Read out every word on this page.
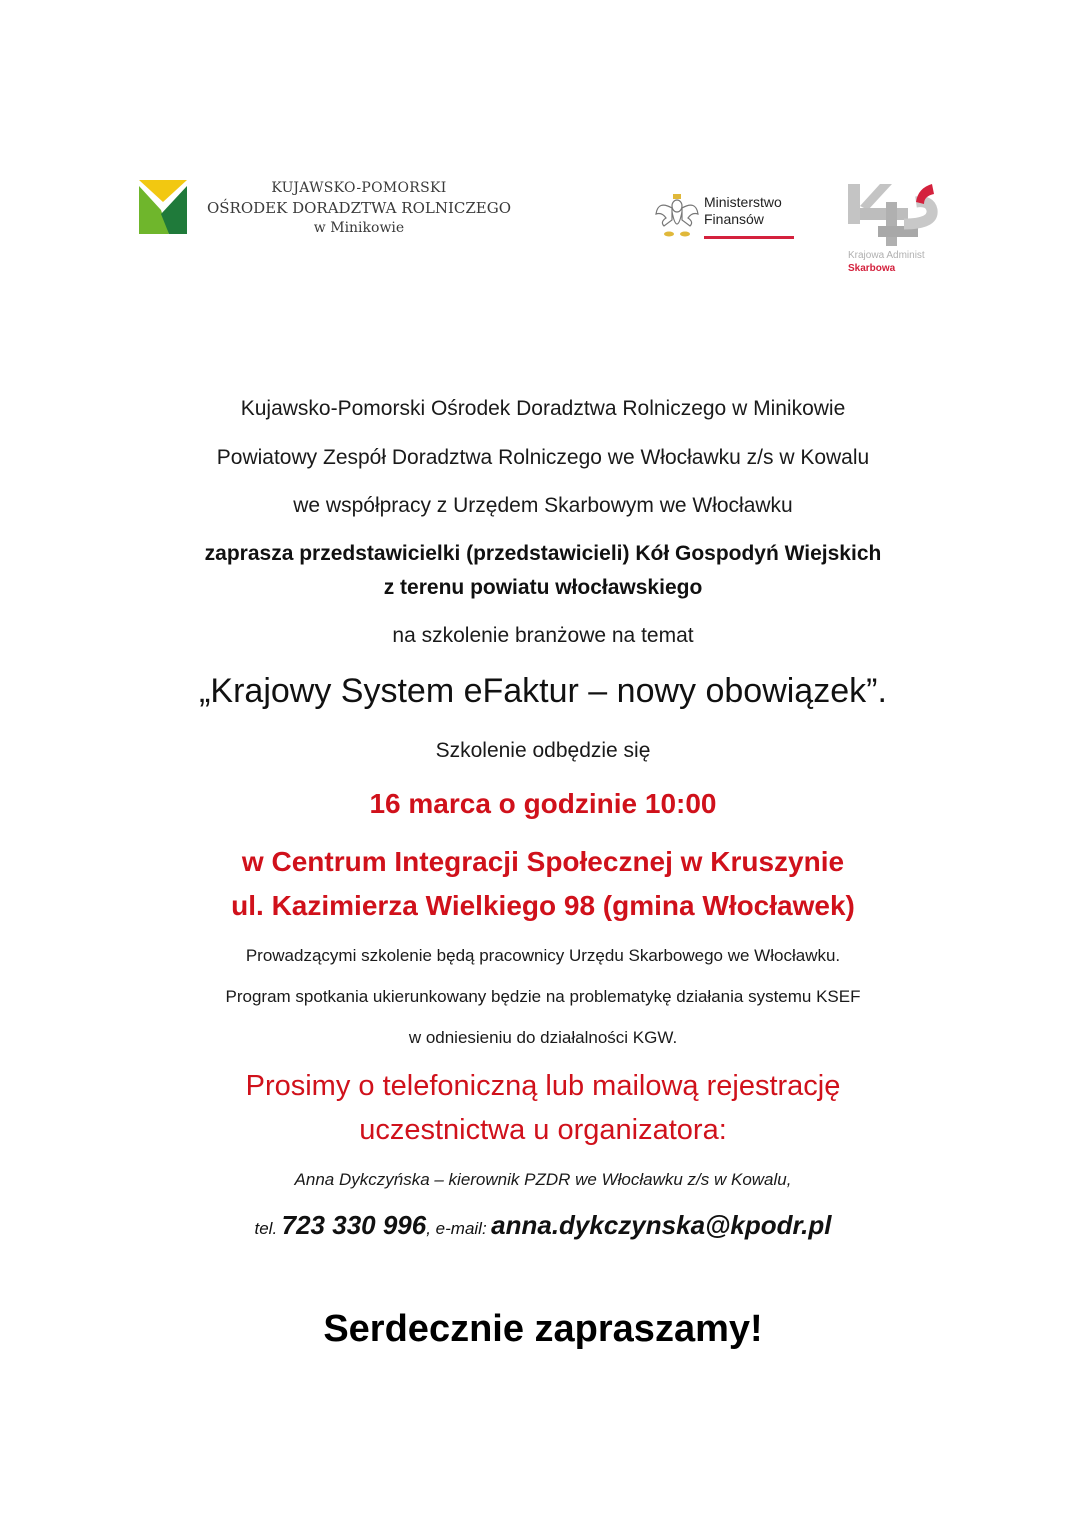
KUJAWSKO-POMORSKI
OŚRODEK DORADZTWA ROLNICZEGO
w Minikowie
Ministerstwo
Finansów
Krajowa Administ
Skarbowa
Kujawsko-Pomorski Ośrodek Doradztwa Rolniczego w Minikowie
Powiatowy Zespół Doradztwa Rolniczego we Włocławku z/s w Kowalu
we współpracy z Urzędem Skarbowym we Włocławku
zaprasza przedstawicielki (przedstawicieli) Kół Gospodyń Wiejskich
z terenu powiatu włocławskiego
na szkolenie branżowe na temat
„Krajowy System eFaktur – nowy obowiązek”.
Szkolenie odbędzie się
16 marca o godzinie 10:00
w Centrum Integracji Społecznej w Kruszynie
ul. Kazimierza Wielkiego 98 (gmina Włocławek)
Prowadzącymi szkolenie będą pracownicy Urzędu Skarbowego we Włocławku.
Program spotkania ukierunkowany będzie na problematykę działania systemu KSEF
w odniesieniu do działalności KGW.
Prosimy o telefoniczną lub mailową rejestrację
uczestnictwa u organizatora:
Anna Dykczyńska – kierownik PZDR we Włocławku z/s w Kowalu,
tel. 723 330 996, e-mail: anna.dykczynska@kpodr.pl
Serdecznie zapraszamy!
